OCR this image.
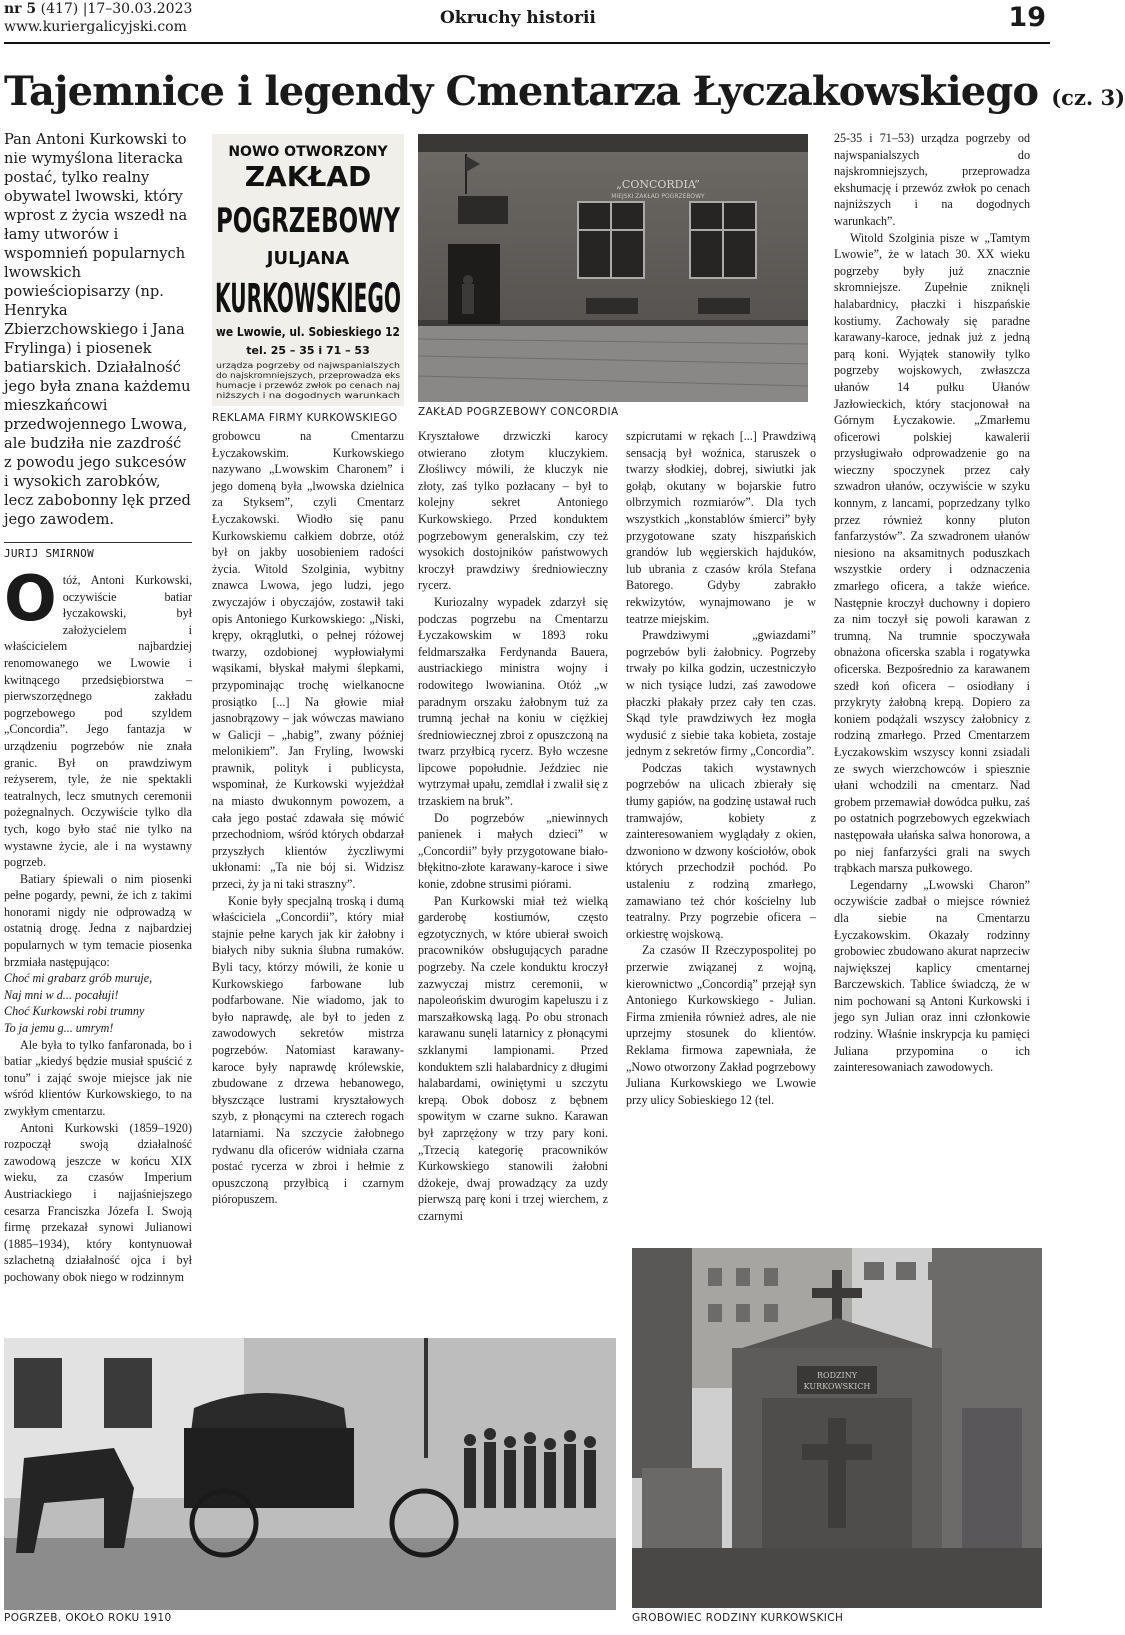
nr 5 (417) |17–30.03.2023
www.kuriergalicyjski.com	Okruchy historii	19
Tajemnice i legendy Cmentarza Łyczakowskiego (cz. 3)
Pan Antoni Kurkowski to nie wymyślona literacka postać, tylko realny obywatel lwowski, który wprost z życia wszedł na łamy utworów i wspomnień popularnych lwowskich powieściopisarzy (np. Henryka Zbierzchowskiego i Jana Frylinga) i piosenek batiarskich. Działalność jego była znana każdemu mieszkańcowi przedwojennego Lwowa, ale budziła nie zazdrość z powodu jego sukcesów i wysokich zarobków, lecz zabobonny lęk przed jego zawodem.
JURIJ SMIRNOW

Otóż, Antoni Kurkowski, oczywiście batiar łyczakowski, był założycielem i właścicielem najbardziej renomowanego we Lwowie i kwitnącego przedsiębiorstwa – pierwszorzędnego zakładu pogrzebowego pod szyldem „Concordia”. Jego fantazja w urządzeniu pogrzebów nie znała granic. Był on prawdziwym reżyserem, tyle, że nie spektakli teatralnych, lecz smutnych ceremonii pożegnalnych. Oczywiście tylko dla tych, kogo było stać nie tylko na wystawne życie, ale i na wystawny pogrzeb.

Batiary śpiewali o nim piosenki pełne pogardy, pewni, że ich z takimi honorami nigdy nie odprowadzą w ostatnią drogę. Jedna z najbardziej popularnych w tym temacie piosenka brzmiała następująco:

Choć mi grabarz grób muruje,

Naj mni w d... pocałuji!

Choć Kurkowski robi trumny

To ja jemu g... umrym!

Ale była to tylko fanfaronada, bo i batiar „kiedyś będzie musiał spuścić z tonu” i zająć swoje miejsce jak nie wśród klientów Kurkowskiego, to na zwykłym cmentarzu.

Antoni Kurkowski (1859–1920) rozpoczął swoją działalność zawodową jeszcze w końcu XIX wieku, za czasów Imperium Austriackiego i najjaśniejszego cesarza Franciszka Józefa I. Swoją firmę przekazał synowi Julianowi (1885–1934), który kontynuował szlachetną działalność ojca i był pochowany obok niego w rodzinnym

NOWO OTWORZONY
ZAKŁAD
POGRZEBOWY
JULJANA
KURKOWSKIEGO
we Lwowie, ul. Sobieskiego 12
tel. 25 – 35 i 71 – 53
urządza pogrzeby od najwspanialszych
do najskromniejszych, przeprowadza eks
humacje i przewóz zwłok po cenach naj
niższych i na dogodnych warunkach
REKLAMA FIRMY KURKOWSKIEGO
„CONCORDIA”
MIEJSKI ZAKŁAD POGRZEBOWY
ZAKŁAD POGRZEBOWY CONCORDIA

grobowcu na Cmentarzu Łyczakowskim. Kurkowskiego nazywano „Lwowskim Charonem” i jego domeną była „lwowska dzielnica za Styksem”, czyli Cmentarz Łyczakowski. Wiodło się panu Kurkowskiemu całkiem dobrze, otóż był on jakby uosobieniem radości życia. Witold Szolginia, wybitny znawca Lwowa, jego ludzi, jego zwyczajów i obyczajów, zostawił taki opis Antoniego Kurkowskiego: „Niski, krępy, okrąglutki, o pełnej różowej twarzy, ozdobionej wypłowiałymi wąsikami, błyskał małymi ślepkami, przypominając trochę wielkanocne prosiątko [...] Na głowie miał jasnobrązowy – jak wówczas mawiano w Galicji – „habig”, zwany później melonikiem”. Jan Fryling, lwowski prawnik, polityk i publicysta, wspominał, że Kurkowski wyjeżdżał na miasto dwukonnym powozem, a cała jego postać zdawała się mówić przechodniom, wśród których obdarzał przyszłych klientów życzliwymi ukłonami: „Ta nie bój si. Widzisz przeci, ży ja ni taki straszny”.

Konie były specjalną troską i dumą właściciela „Concordii”, który miał stajnie pełne karych jak kir żałobny i białych niby suknia ślubna rumaków. Byli tacy, którzy mówili, że konie u Kurkowskiego farbowane lub podfarbowane. Nie wiadomo, jak to było naprawdę, ale był to jeden z zawodowych sekretów mistrza pogrzebów. Natomiast karawany-karoce były naprawdę królewskie, zbudowane z drzewa hebanowego, błyszczące lustrami kryształowych szyb, z płonącymi na czterech rogach latarniami. Na szczycie żałobnego rydwanu dla oficerów widniała czarna postać rycerza w zbroi i hełmie z opuszczoną przyłbicą i czarnym pióropuszem.

Kryształowe drzwiczki karocy otwierano złotym kluczykiem. Złośliwcy mówili, że kluczyk nie złoty, zaś tylko pozłacany – był to kolejny sekret Antoniego Kurkowskiego. Przed konduktem pogrzebowym generalskim, czy też wysokich dostojników państwowych kroczył prawdziwy średniowieczny rycerz.

Kuriozalny wypadek zdarzył się podczas pogrzebu na Cmentarzu Łyczakowskim w 1893 roku feldmarszałka Ferdynanda Bauera, austriackiego ministra wojny i rodowitego lwowianina. Otóż „w paradnym orszaku żałobnym tuż za trumną jechał na koniu w ciężkiej średniowiecznej zbroi z opuszczoną na twarz przyłbicą rycerz. Było wczesne lipcowe popołudnie. Jeździec nie wytrzymał upału, zemdlał i zwalił się z trzaskiem na bruk”.

Do pogrzebów „niewinnych panienek i małych dzieci” w „Concordii” były przygotowane biało-błękitno-złote karawany-karoce i siwe konie, zdobne strusimi piórami.

Pan Kurkowski miał też wielką garderobę kostiumów, często egzotycznych, w które ubierał swoich pracowników obsługujących paradne pogrzeby. Na czele konduktu kroczył zazwyczaj mistrz ceremonii, w napoleońskim dwurogim kapeluszu i z marszałkowską lagą. Po obu stronach karawanu sunęli latarnicy z płonącymi szklanymi lampionami. Przed konduktem szli halabardnicy z długimi halabardami, owiniętymi u szczytu krepą. Obok dobosz z bębnem spowitym w czarne sukno. Karawan był zaprzężony w trzy pary koni. „Trzecią kategorię pracowników Kurkowskiego stanowili żałobni dżokeje, dwaj prowadzący za uzdy pierwszą parę koni i trzej wierchem, z czarnymi

szpicrutami w rękach [...] Prawdziwą sensacją był woźnica, staruszek o twarzy słodkiej, dobrej, siwiutki jak gołąb, okutany w bojarskie futro olbrzymich rozmiarów”. Dla tych wszystkich „konstablów śmierci” były przygotowane szaty hiszpańskich grandów lub węgierskich hajduków, lub ubrania z czasów króla Stefana Batorego. Gdyby zabrakło rekwizytów, wynajmowano je w teatrze miejskim.

Prawdziwymi „gwiazdami” pogrzebów byli żałobnicy. Pogrzeby trwały po kilka godzin, uczestniczyło w nich tysiące ludzi, zaś zawodowe płaczki płakały przez cały ten czas. Skąd tyle prawdziwych łez mogła wydusić z siebie taka kobieta, zostaje jednym z sekretów firmy „Concordia”.

Podczas takich wystawnych pogrzebów na ulicach zbierały się tłumy gapiów, na godzinę ustawał ruch tramwajów, kobiety z zainteresowaniem wyglądały z okien, dzwoniono w dzwony kościołów, obok których przechodził pochód. Po ustaleniu z rodziną zmarłego, zamawiano też chór kościelny lub teatralny. Przy pogrzebie oficera – orkiestrę wojskową.

Za czasów II Rzeczypospolitej po przerwie związanej z wojną, kierownictwo „Concordią” przejął syn Antoniego Kurkowskiego - Julian. Firma zmieniła również adres, ale nie uprzejmy stosunek do klientów. Reklama firmowa zapewniała, że „Nowo otworzony Zakład pogrzebowy Juliana Kurkowskiego we Lwowie przy ulicy Sobieskiego 12 (tel.

25-35 i 71–53) urządza pogrzeby od najwspanialszych do najskromniejszych, przeprowadza ekshumację i przewóz zwłok po cenach najniższych i na dogodnych warunkach”.

Witold Szolginia pisze w „Tamtym Lwowie”, że w latach 30. XX wieku pogrzeby były już znacznie skromniejsze. Zupełnie zniknęli halabardnicy, płaczki i hiszpańskie kostiumy. Zachowały się paradne karawany-karoce, jednak już z jedną parą koni. Wyjątek stanowiły tylko pogrzeby wojskowych, zwłaszcza ułanów 14 pułku Ułanów Jazłowieckich, który stacjonował na Górnym Łyczakowie. „Zmarłemu oficerowi polskiej kawalerii przysługiwało odprowadzenie go na wieczny spoczynek przez cały szwadron ułanów, oczywiście w szyku konnym, z lancami, poprzedzany tylko przez również konny pluton fanfarzystów”. Za szwadronem ułanów niesiono na aksamitnych poduszkach wszystkie ordery i odznaczenia zmarłego oficera, a także wieńce. Następnie kroczył duchowny i dopiero za nim toczył się powoli karawan z trumną. Na trumnie spoczywała obnażona oficerska szabla i rogatywka oficerska. Bezpośrednio za karawanem szedł koń oficera – osiodłany i przykryty żałobną krepą. Dopiero za koniem podążali wszyscy żałobnicy z rodziną zmarłego. Przed Cmentarzem Łyczakowskim wszyscy konni zsiadali ze swych wierzchowców i spiesznie ułani wchodzili na cmentarz. Nad grobem przemawiał dowódca pułku, zaś po ostatnich pogrzebowych egzekwiach następowała ułańska salwa honorowa, a po niej fanfarzyści grali na swych trąbkach marsza pułkowego.

Legendarny „Lwowski Charon” oczywiście zadbał o miejsce również dla siebie na Cmentarzu Łyczakowskim. Okazały rodzinny grobowiec zbudowano akurat naprzeciw największej kaplicy cmentarnej Barczewskich. Tablice świadczą, że w nim pochowani są Antoni Kurkowski i jego syn Julian oraz inni członkowie rodziny. Właśnie inskrypcja ku pamięci Juliana przypomina o ich zainteresowaniach zawodowych.

RODZINY
KURKOWSKICH
GROBOWIEC RODZINY KURKOWSKICH
POGRZEB, OKOŁO ROKU 1910
